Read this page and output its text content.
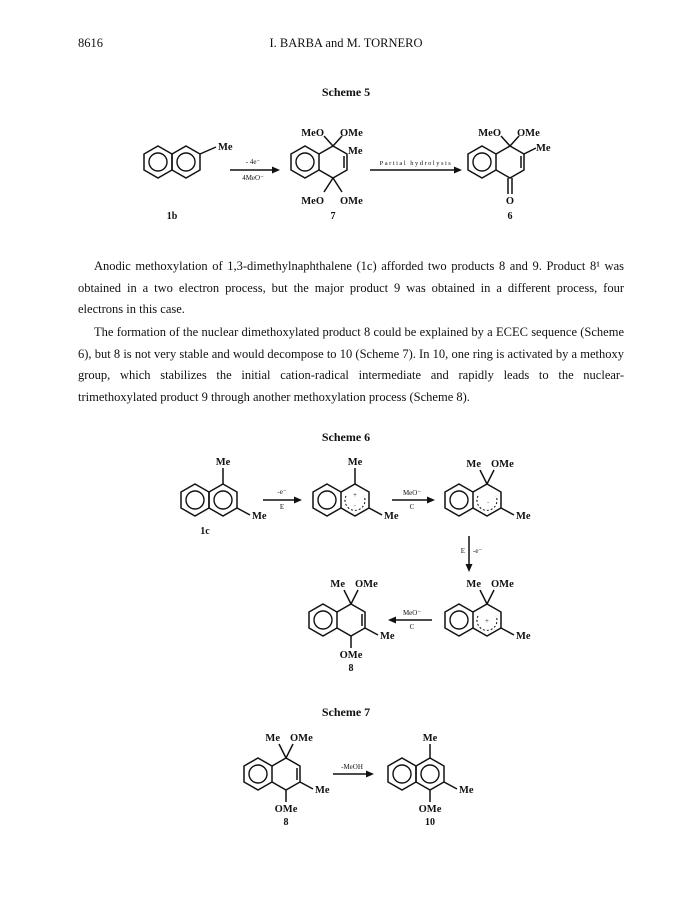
8616	I. BARBA and M. TORNERO
Scheme 5
Me
1b
- 4e⁻
4MeO⁻
MeO OMe
Me
MeO OMe
7
Partial hydrolysis
MeO OMe
Me
O
6

Anodic methoxylation of 1,3-dimethylnaphthalene (1c) afforded two products 8 and 9. Product 8¹ was obtained in a two electron process, but the major product 9 was obtained in a different process, four electrons in this case.

The formation of the nuclear dimethoxylated product 8 could be explained by a ECEC sequence (Scheme 6), but 8 is not very stable and would decompose to 10 (Scheme 7). In 10, one ring is activated by a methoxy group, which stabilizes the initial cation-radical intermediate and rapidly leads to the nuclear-trimethoxylated product 9 through another methoxylation process (Scheme 8).

Scheme 6
Me
Me
1c
-e⁻
E
+
·
Me
Me
MeO⁻
C	·
Me OMe
Me
E -e⁻
+
Me OMe
Me
MeO⁻
C
Me OMe
Me
OMe
8
Scheme 7
Me OMe
Me
OMe
8
-MeOH
Me
Me
OMe
10
